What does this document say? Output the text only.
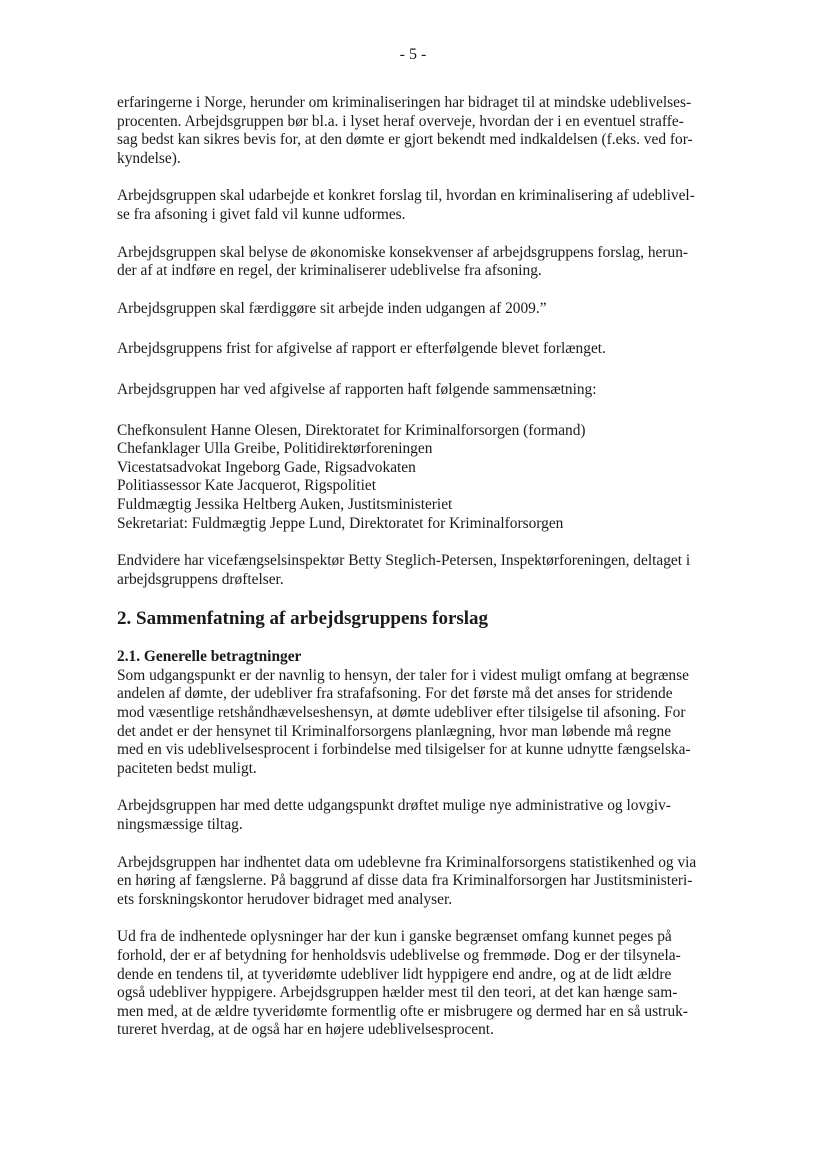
- 5 -

erfaringerne i Norge, herunder om kriminaliseringen har bidraget til at mindske udeblivelses-
procenten. Arbejdsgruppen bør bl.a. i lyset heraf overveje, hvordan der i en eventuel straffe-
sag bedst kan sikres bevis for, at den dømte er gjort bekendt med indkaldelsen (f.eks. ved for-
kyndelse).

Arbejdsgruppen skal udarbejde et konkret forslag til, hvordan en kriminalisering af udeblivel-
se fra afsoning i givet fald vil kunne udformes.

Arbejdsgruppen skal belyse de økonomiske konsekvenser af arbejdsgruppens forslag, herun-
der af at indføre en regel, der kriminaliserer udeblivelse fra afsoning.

Arbejdsgruppen skal færdiggøre sit arbejde inden udgangen af 2009.”

Arbejdsgruppens frist for afgivelse af rapport er efterfølgende blevet forlænget.

Arbejdsgruppen har ved afgivelse af rapporten haft følgende sammensætning:

Chefkonsulent Hanne Olesen, Direktoratet for Kriminalforsorgen (formand)
Chefanklager Ulla Greibe, Politidirektørforeningen
Vicestatsadvokat Ingeborg Gade, Rigsadvokaten
Politiassessor Kate Jacquerot, Rigspolitiet
Fuldmægtig Jessika Heltberg Auken, Justitsministeriet
Sekretariat: Fuldmægtig Jeppe Lund, Direktoratet for Kriminalforsorgen

Endvidere har vicefængselsinspektør Betty Steglich-Petersen, Inspektørforeningen, deltaget i
arbejdsgruppens drøftelser.

2. Sammenfatning af arbejdsgruppens forslag
2.1. Generelle betragtninger

Som udgangspunkt er der navnlig to hensyn, der taler for i videst muligt omfang at begrænse
andelen af dømte, der udebliver fra strafafsoning. For det første må det anses for stridende
mod væsentlige retshåndhævelseshensyn, at dømte udebliver efter tilsigelse til afsoning. For
det andet er der hensynet til Kriminalforsorgens planlægning, hvor man løbende må regne
med en vis udeblivelsesprocent i forbindelse med tilsigelser for at kunne udnytte fængselska-
paciteten bedst muligt.

Arbejdsgruppen har med dette udgangspunkt drøftet mulige nye administrative og lovgiv-
ningsmæssige tiltag.

Arbejdsgruppen har indhentet data om udeblevne fra Kriminalforsorgens statistikenhed og via
en høring af fængslerne. På baggrund af disse data fra Kriminalforsorgen har Justitsministeri-
ets forskningskontor herudover bidraget med analyser.

Ud fra de indhentede oplysninger har der kun i ganske begrænset omfang kunnet peges på
forhold, der er af betydning for henholdsvis udeblivelse og fremmøde. Dog er der tilsynela-
dende en tendens til, at tyveridømte udebliver lidt hyppigere end andre, og at de lidt ældre
også udebliver hyppigere. Arbejdsgruppen hælder mest til den teori, at det kan hænge sam-
men med, at de ældre tyveridømte formentlig ofte er misbrugere og dermed har en så ustruk-
tureret hverdag, at de også har en højere udeblivelsesprocent.
